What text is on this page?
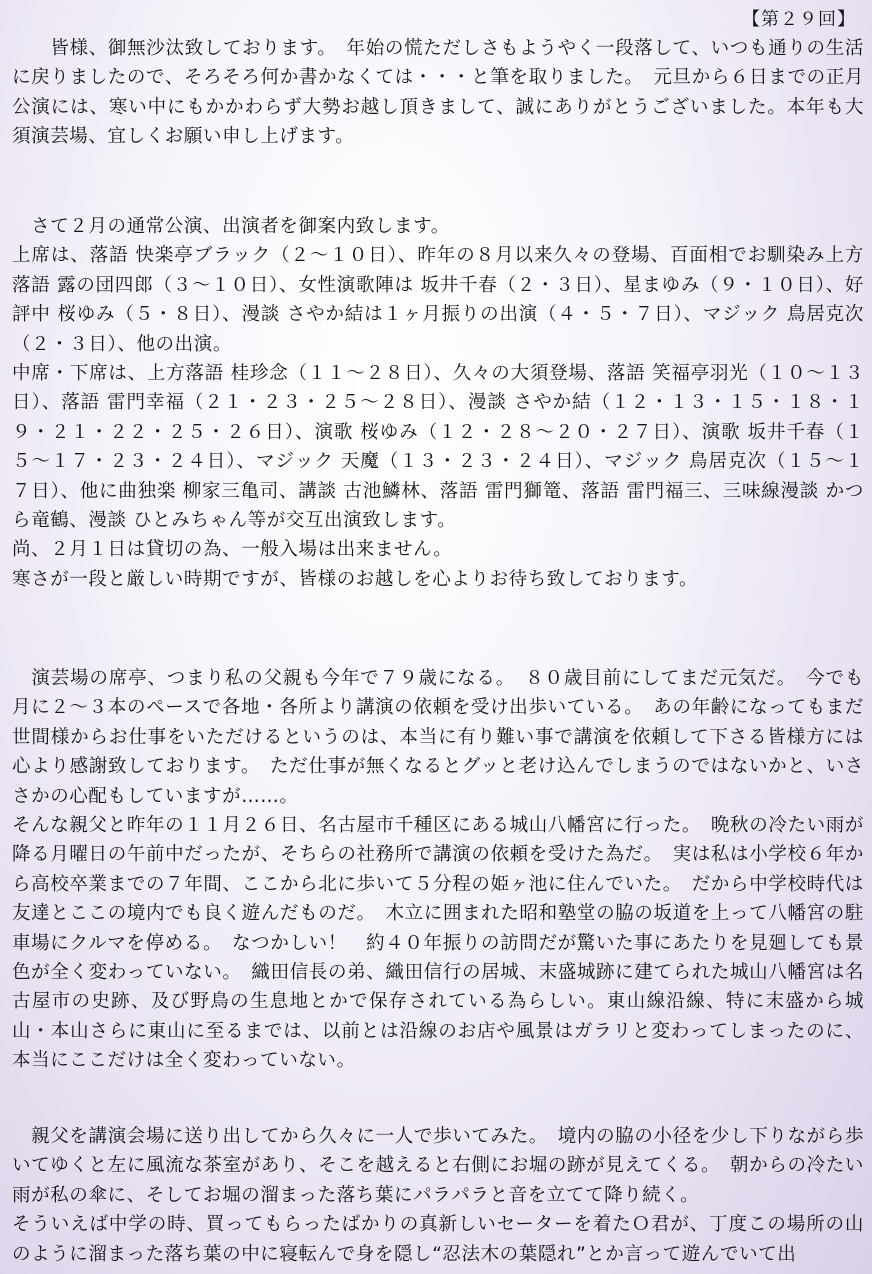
【第２９回】

　　皆様、御無沙汰致しております。　年始の慌ただしさもようやく一段落して、いつも通りの生活に戻りましたので、そろそろ何か書かなくては・・・と筆を取りました。　元旦から６日までの正月公演には、寒い中にもかかわらず大勢お越し頂きまして、誠にありがとうございました。本年も大須演芸場、宜しくお願い申し上げます。

　さて２月の通常公演、出演者を御案内致します。
上席は、落語 快楽亭ブラック（２～１０日）、昨年の８月以来久々の登場、百面相でお馴染み上方落語 露の団四郎（３～１０日）、女性演歌陣は 坂井千春（２・３日）、星まゆみ（９・１０日）、好評中 桜ゆみ（５・８日）、漫談 さやか結は１ヶ月振りの出演（４・５・７日）、マジック 鳥居克次（２・３日）、他の出演。
中席・下席は、上方落語 桂珍念（１１～２８日）、久々の大須登場、落語 笑福亭羽光（１０～１３日）、落語 雷門幸福（２１・２３・２５～２８日）、漫談 さやか結（１２・１３・１５・１８・１９・２１・２２・２５・２６日）、演歌 桜ゆみ（１２・２８～２０・２７日）、演歌 坂井千春（１５～１７・２３・２４日）、マジック 天魔（１３・２３・２４日）、マジック 鳥居克次（１５～１７日）、他に曲独楽 柳家三亀司、講談 古池鱗林、落語 雷門獅篭、落語 雷門福三、三味線漫談 かつら竜鶴、漫談 ひとみちゃん等が交互出演致します。
尚、２月１日は貸切の為、一般入場は出来ません。
寒さが一段と厳しい時期ですが、皆様のお越しを心よりお待ち致しております。

　演芸場の席亭、つまり私の父親も今年で７９歳になる。　８０歳目前にしてまだ元気だ。　今でも月に２～３本のペースで各地・各所より講演の依頼を受け出歩いている。　あの年齢になってもまだ世間様からお仕事をいただけるというのは、本当に有り難い事で講演を依頼して下さる皆様方には心より感謝致しております。　ただ仕事が無くなるとグッと老け込んでしまうのではないかと、いささかの心配もしていますが……。
そんな親父と昨年の１１月２６日、名古屋市千種区にある城山八幡宮に行った。　晩秋の冷たい雨が降る月曜日の午前中だったが、そちらの社務所で講演の依頼を受けた為だ。　実は私は小学校６年から高校卒業までの７年間、ここから北に歩いて５分程の姫ヶ池に住んでいた。　だから中学校時代は友達とここの境内でも良く遊んだものだ。　木立に囲まれた昭和塾堂の脇の坂道を上って八幡宮の駐車場にクルマを停める。　なつかしい！　約４０年振りの訪問だが驚いた事にあたりを見廻しても景色が全く変わっていない。　織田信長の弟、織田信行の居城、末盛城跡に建てられた城山八幡宮は名古屋市の史跡、及び野鳥の生息地とかで保存されている為らしい。東山線沿線、特に末盛から城山・本山さらに東山に至るまでは、以前とは沿線のお店や風景はガラリと変わってしまったのに、本当にここだけは全く変わっていない。

　親父を講演会場に送り出してから久々に一人で歩いてみた。　境内の脇の小径を少し下りながら歩いてゆくと左に風流な茶室があり、そこを越えると右側にお堀の跡が見えてくる。　朝からの冷たい雨が私の傘に、そしてお堀の溜まった落ち葉にパラパラと音を立てて降り続く。
そういえば中学の時、買ってもらったばかりの真新しいセーターを着たＯ君が、丁度この場所の山のように溜まった落ち葉の中に寝転んで身を隠し“忍法木の葉隠れ”とか言って遊んでいて出
